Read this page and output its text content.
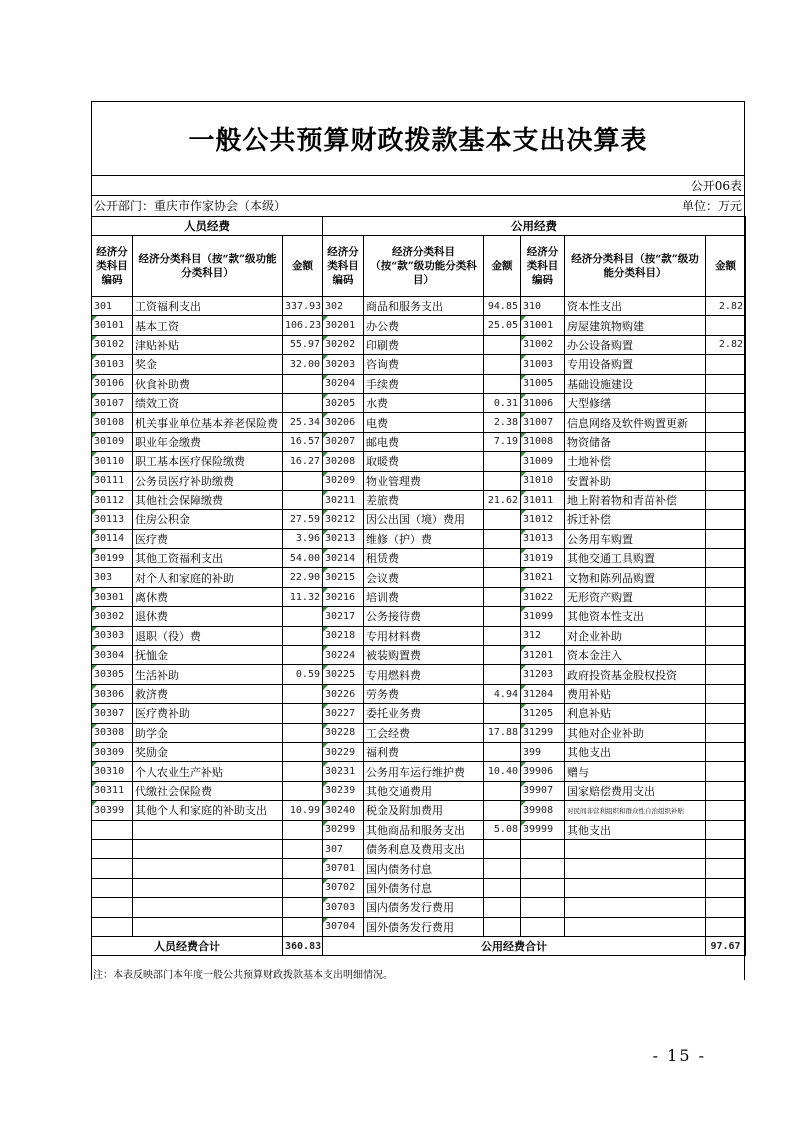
一般公共预算财政拨款基本支出决算表
公开06表
公开部门：重庆市作家协会（本级）	单位：万元
人员经费			公用经费					
经济分类科目编码	经济分类科目（按“款”级功能分类科目）	金额	经济分类科目编码	经济分类科目（按“款”级功能分类科目）	金额	经济分类科目编码	经济分类科目（按“款”级功能分类科目）	金额
301	工资福利支出	337.93	302	商品和服务支出	94.85	310	资本性支出	2.82
30101	基本工资	106.23	30201	办公费	25.05	31001	房屋建筑物购建	
30102	津贴补贴	55.97	30202	印刷费		31002	办公设备购置	2.82
30103	奖金	32.00	30203	咨询费		31003	专用设备购置	
30106	伙食补助费		30204	手续费		31005	基础设施建设	
30107	绩效工资		30205	水费	0.31	31006	大型修缮	
30108	机关事业单位基本养老保险费	25.34	30206	电费	2.38	31007	信息网络及软件购置更新	
30109	职业年金缴费	16.57	30207	邮电费	7.19	31008	物资储备	
30110	职工基本医疗保险缴费	16.27	30208	取暖费		31009	土地补偿	
30111	公务员医疗补助缴费		30209	物业管理费		31010	安置补助	
30112	其他社会保障缴费		30211	差旅费	21.62	31011	地上附着物和青苗补偿	
30113	住房公积金	27.59	30212	因公出国（境）费用		31012	拆迁补偿	
30114	医疗费	3.96	30213	维修（护）费		31013	公务用车购置	
30199	其他工资福利支出	54.00	30214	租赁费		31019	其他交通工具购置	
303	对个人和家庭的补助	22.90	30215	会议费		31021	文物和陈列品购置	
30301	离休费	11.32	30216	培训费		31022	无形资产购置	
30302	退休费		30217	公务接待费		31099	其他资本性支出	
30303	退职（役）费		30218	专用材料费		312	对企业补助	
30304	抚恤金		30224	被装购置费		31201	资本金注入	
30305	生活补助	0.59	30225	专用燃料费		31203	政府投资基金股权投资	
30306	救济费		30226	劳务费	4.94	31204	费用补贴	
30307	医疗费补助		30227	委托业务费		31205	利息补贴	
30308	助学金		30228	工会经费	17.88	31299	其他对企业补助	
30309	奖励金		30229	福利费		399	其他支出	
30310	个人农业生产补贴		30231	公务用车运行维护费	10.40	39906	赠与	
30311	代缴社会保险费		30239	其他交通费用		39907	国家赔偿费用支出	
30399	其他个人和家庭的补助支出	10.99	30240	税金及附加费用		39908	对民间非营利组织和群众性自治组织补贴	
			30299	其他商品和服务支出	5.08	39999	其他支出	
			307	债务利息及费用支出				
			30701	国内债务付息				
			30702	国外债务付息				
			30703	国内债务发行费用				
			30704	国外债务发行费用				
人员经费合计		360.83	公用经费合计					97.67
注：本表反映部门本年度一般公共预算财政拨款基本支出明细情况。
- 15 -
